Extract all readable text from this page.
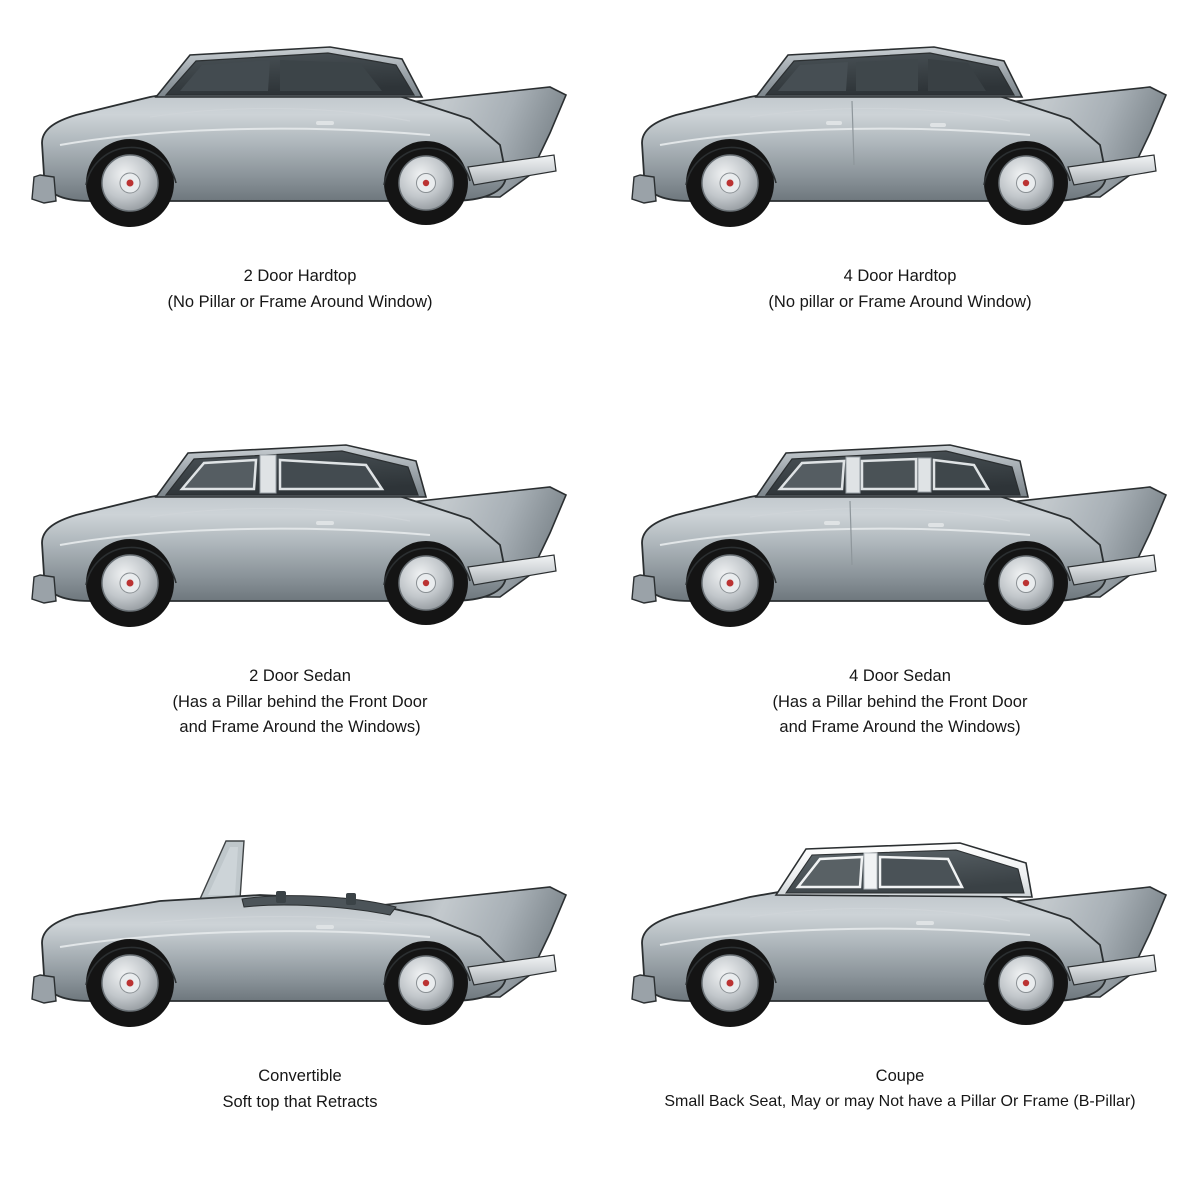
2 Door Hardtop
(No Pillar or Frame Around Window)
4 Door Hardtop
(No pillar or Frame Around Window)
2 Door Sedan
(Has a Pillar behind the Front Door
and Frame Around the Windows)
4 Door Sedan
(Has a Pillar behind the Front Door
and Frame Around the Windows)
Convertible
Soft top that Retracts
Coupe
Small Back Seat, May or may Not have a Pillar Or Frame (B-Pillar)
